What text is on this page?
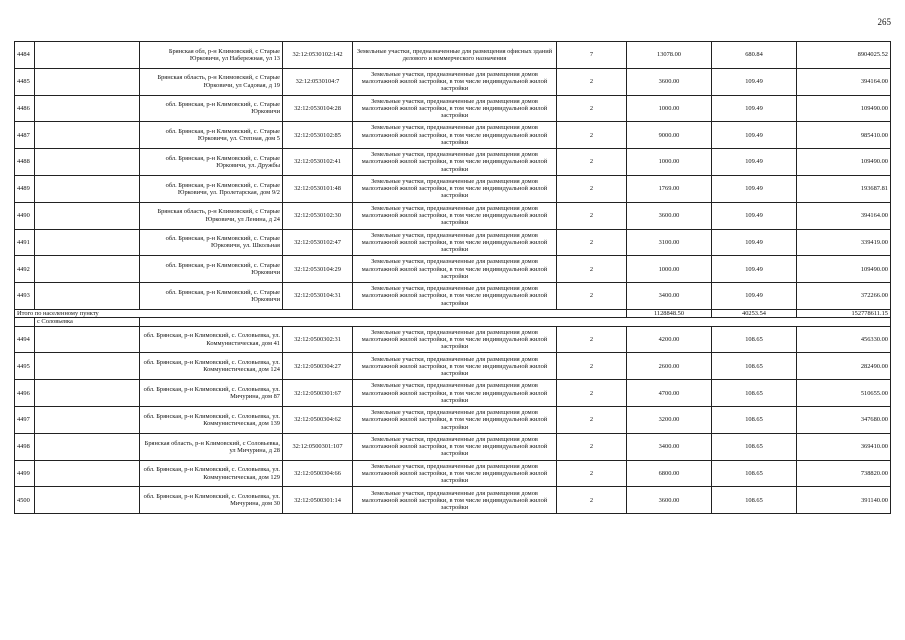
265
4484		Брянская обл, р-н Климовский, с Старые Юрковичи, ул Набережная, ул 13	32:12:0530102:142	Земельные участки, предназначенные для размещения офисных зданий делового и коммерческого назначения	7	13078.00	680.84	8904025.52
4485		Брянская область, р-н Климовский, с Старые Юрковичи, ул Садовая, д 19	32:12:0530104:7	Земельные участки, предназначенные для размещения домов малоэтажной жилой застройки, в том числе индивидуальной жилой застройки	2	3600.00	109.49	394164.00
4486		обл. Брянская, р-н Климовский, с. Старые Юрковичи	32:12:0530104:28	Земельные участки, предназначенные для размещения домов малоэтажной жилой застройки, в том числе индивидуальной жилой застройки	2	1000.00	109.49	109490.00
4487		обл. Брянская, р-н Климовский, с. Старые Юрковичи, ул. Степная, дом 5	32:12:0530102:85	Земельные участки, предназначенные для размещения домов малоэтажной жилой застройки, в том числе индивидуальной жилой застройки	2	9000.00	109.49	985410.00
4488		обл. Брянская, р-н Климовский, с. Старые Юрковичи, ул. Дружбы	32:12:0530102:41	Земельные участки, предназначенные для размещения домов малоэтажной жилой застройки, в том числе индивидуальной жилой застройки	2	1000.00	109.49	109490.00
4489		обл. Брянская, р-н Климовский, с. Старые Юрковичи, ул. Пролетарская, дом 9/2	32:12:0530101:48	Земельные участки, предназначенные для размещения домов малоэтажной жилой застройки, в том числе индивидуальной жилой застройки	2	1769.00	109.49	193687.81
4490		Брянская область, р-н Климовский, с Старые Юрковичи, ул Ленина, д 24	32:12:0530102:30	Земельные участки, предназначенные для размещения домов малоэтажной жилой застройки, в том числе индивидуальной жилой застройки	2	3600.00	109.49	394164.00
4491		обл. Брянская, р-н Климовский, с. Старые Юрковичи, ул. Школьная	32:12:0530102:47	Земельные участки, предназначенные для размещения домов малоэтажной жилой застройки, в том числе индивидуальной жилой застройки	2	3100.00	109.49	339419.00
4492		обл. Брянская, р-н Климовский, с. Старые Юрковичи	32:12:0530104:29	Земельные участки, предназначенные для размещения домов малоэтажной жилой застройки, в том числе индивидуальной жилой застройки	2	1000.00	109.49	109490.00
4493		обл. Брянская, р-н Климовский, с. Старые Юрковичи	32:12:0530104:31	Земельные участки, предназначенные для размещения домов малоэтажной жилой застройки, в том числе индивидуальной жилой застройки	2	3400.00	109.49	372266.00
Итого по населенному пункту						1128848.50	40253.54	152778611.15
	с Соловьевка							
4494		обл. Брянская, р-н Климовский, с. Соловьевка, ул. Коммунистическая, дом 41	32:12:0500302:31	Земельные участки, предназначенные для размещения домов малоэтажной жилой застройки, в том числе индивидуальной жилой застройки	2	4200.00	108.65	456330.00
4495		обл. Брянская, р-н Климовский, с. Соловьевка, ул. Коммунистическая, дом 124	32:12:0500304:27	Земельные участки, предназначенные для размещения домов малоэтажной жилой застройки, в том числе индивидуальной жилой застройки	2	2600.00	108.65	282490.00
4496		обл. Брянская, р-н Климовский, с. Соловьевка, ул. Мичурина, дом 87	32:12:0500301:67	Земельные участки, предназначенные для размещения домов малоэтажной жилой застройки, в том числе индивидуальной жилой застройки	2	4700.00	108.65	510655.00
4497		обл. Брянская, р-н Климовский, с. Соловьевка, ул. Коммунистическая, дом 139	32:12:0500304:62	Земельные участки, предназначенные для размещения домов малоэтажной жилой застройки, в том числе индивидуальной жилой застройки	2	3200.00	108.65	347680.00
4498		Брянская область, р-н Климовский, с Соловьевка, ул Мичурина, д 28	32:12:0500301:107	Земельные участки, предназначенные для размещения домов малоэтажной жилой застройки, в том числе индивидуальной жилой застройки	2	3400.00	108.65	369410.00
4499		обл. Брянская, р-н Климовский, с. Соловьевка, ул. Коммунистическая, дом 129	32:12:0500304:66	Земельные участки, предназначенные для размещения домов малоэтажной жилой застройки, в том числе индивидуальной жилой застройки	2	6800.00	108.65	738820.00
4500		обл. Брянская, р-н Климовский, с. Соловьевка, ул. Мичурина, дом 30	32:12:0500301:14	Земельные участки, предназначенные для размещения домов малоэтажной жилой застройки, в том числе индивидуальной жилой застройки	2	3600.00	108.65	391140.00
